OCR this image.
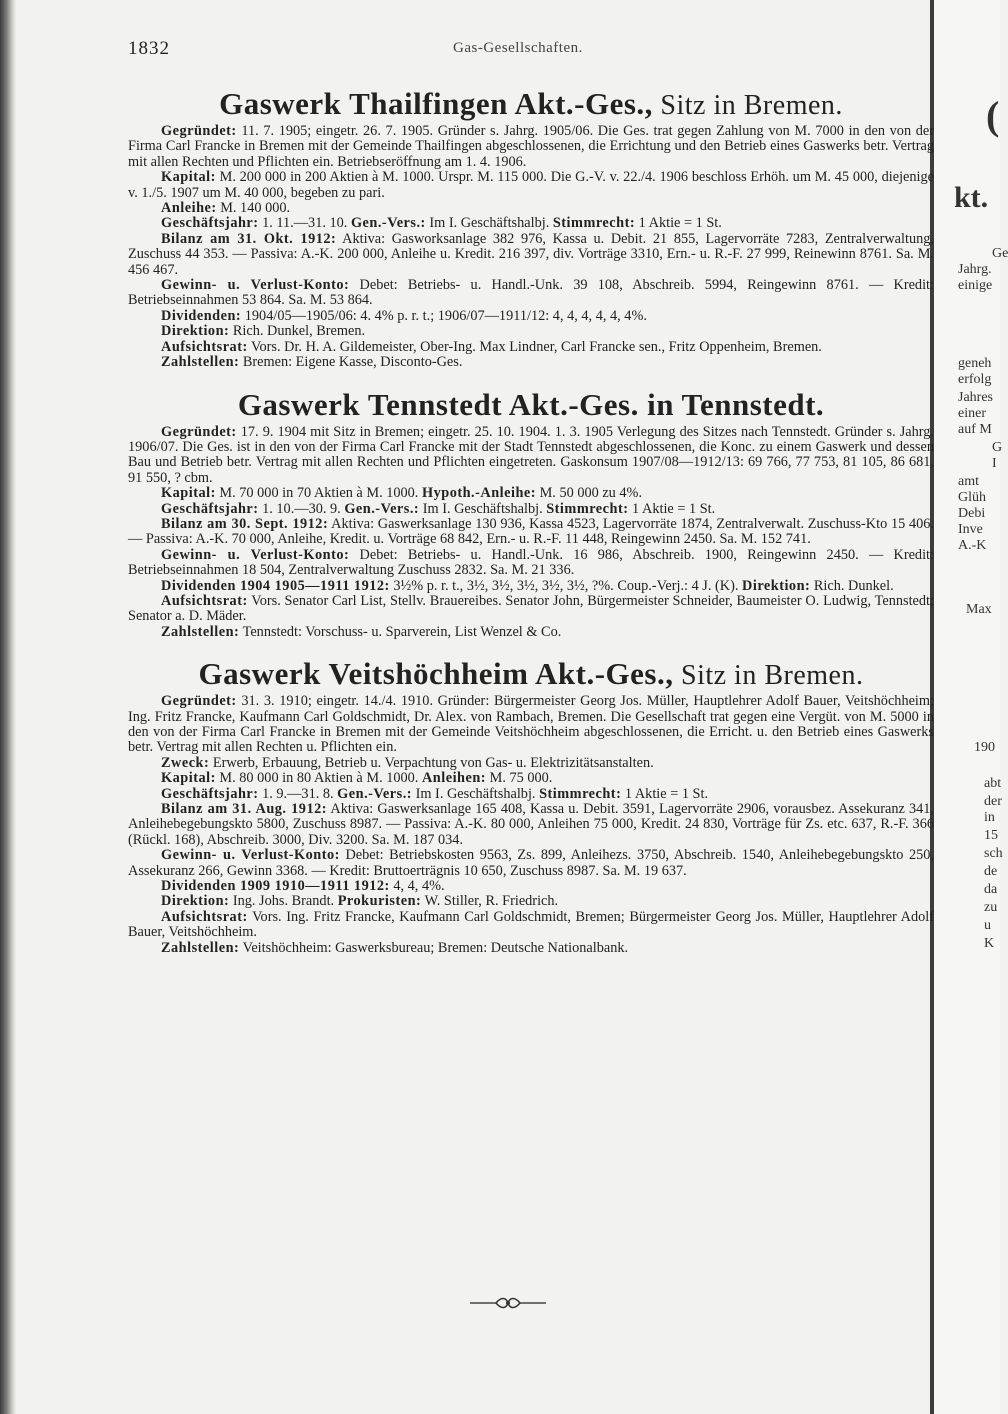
(
kt.
Ge
Jahrg.
einige
geneh
erfolg
Jahres
einer
auf M
G
I
amt
Glüh
Debi
Inve
A.-K
Max
190
abt
der
in
15
sch
de
da
zu
u
K
1832	Gas-Gesellschaften.
Gaswerk Thailfingen Akt.-Ges., Sitz in Bremen.

Gegründet: 11. 7. 1905; eingetr. 26. 7. 1905. Gründer s. Jahrg. 1905/06. Die Ges. trat gegen Zahlung von M. 7000 in den von der Firma Carl Francke in Bremen mit der Gemeinde Thailfingen abgeschlossenen, die Errichtung und den Betrieb eines Gaswerks betr. Vertrag mit allen Rechten und Pflichten ein. Betriebseröffnung am 1. 4. 1906.

Kapital: M. 200 000 in 200 Aktien à M. 1000. Urspr. M. 115 000. Die G.-V. v. 22./4. 1906 beschloss Erhöh. um M. 45 000, diejenige v. 1./5. 1907 um M. 40 000, begeben zu pari.

Anleihe: M. 140 000.

Geschäftsjahr: 1. 11.—31. 10. Gen.-Vers.: Im I. Geschäftshalbj. Stimmrecht: 1 Aktie = 1 St.

Bilanz am 31. Okt. 1912: Aktiva: Gasworksanlage 382 976, Kassa u. Debit. 21 855, Lagervorräte 7283, Zentralverwaltung, Zuschuss 44 353. — Passiva: A.-K. 200 000, Anleihe u. Kredit. 216 397, div. Vorträge 3310, Ern.- u. R.-F. 27 999, Reinewinn 8761. Sa. M. 456 467.

Gewinn- u. Verlust-Konto: Debet: Betriebs- u. Handl.-Unk. 39 108, Abschreib. 5994, Reingewinn 8761. — Kredit: Betriebseinnahmen 53 864. Sa. M. 53 864.

Dividenden: 1904/05—1905/06: 4. 4% p. r. t.; 1906/07—1911/12: 4, 4, 4, 4, 4, 4%.

Direktion: Rich. Dunkel, Bremen.

Aufsichtsrat: Vors. Dr. H. A. Gildemeister, Ober-Ing. Max Lindner, Carl Francke sen., Fritz Oppenheim, Bremen.

Zahlstellen: Bremen: Eigene Kasse, Disconto-Ges.

Gaswerk Tennstedt Akt.-Ges. in Tennstedt.

Gegründet: 17. 9. 1904 mit Sitz in Bremen; eingetr. 25. 10. 1904. 1. 3. 1905 Verlegung des Sitzes nach Tennstedt. Gründer s. Jahrg. 1906/07. Die Ges. ist in den von der Firma Carl Francke mit der Stadt Tennstedt abgeschlossenen, die Konc. zu einem Gaswerk und dessen Bau und Betrieb betr. Vertrag mit allen Rechten und Pflichten eingetreten. Gaskonsum 1907/08—1912/13: 69 766, 77 753, 81 105, 86 681, 91 550, ? cbm.

Kapital: M. 70 000 in 70 Aktien à M. 1000. Hypoth.-Anleihe: M. 50 000 zu 4%.

Geschäftsjahr: 1. 10.—30. 9. Gen.-Vers.: Im I. Geschäftshalbj. Stimmrecht: 1 Aktie = 1 St.

Bilanz am 30. Sept. 1912: Aktiva: Gaswerksanlage 130 936, Kassa 4523, Lagervorräte 1874, Zentralverwalt. Zuschuss-Kto 15 406. — Passiva: A.-K. 70 000, Anleihe, Kredit. u. Vorträge 68 842, Ern.- u. R.-F. 11 448, Reingewinn 2450. Sa. M. 152 741.

Gewinn- u. Verlust-Konto: Debet: Betriebs- u. Handl.-Unk. 16 986, Abschreib. 1900, Reingewinn 2450. — Kredit: Betriebseinnahmen 18 504, Zentralverwaltung Zuschuss 2832. Sa. M. 21 336.

Dividenden 1904 1905—1911 1912: 3½% p. r. t., 3½, 3½, 3½, 3½, 3½, ?%. Coup.-Verj.: 4 J. (K). Direktion: Rich. Dunkel.

Aufsichtsrat: Vors. Senator Carl List, Stellv. Brauereibes. Senator John, Bürgermeister Schneider, Baumeister O. Ludwig, Tennstedt; Senator a. D. Mäder.

Zahlstellen: Tennstedt: Vorschuss- u. Sparverein, List Wenzel & Co.

Gaswerk Veitshöchheim Akt.-Ges., Sitz in Bremen.

Gegründet: 31. 3. 1910; eingetr. 14./4. 1910. Gründer: Bürgermeister Georg Jos. Müller, Hauptlehrer Adolf Bauer, Veitshöchheim; Ing. Fritz Francke, Kaufmann Carl Goldschmidt, Dr. Alex. von Rambach, Bremen. Die Gesellschaft trat gegen eine Vergüt. von M. 5000 in den von der Firma Carl Francke in Bremen mit der Gemeinde Veitshöchheim abgeschlossenen, die Erricht. u. den Betrieb eines Gaswerks betr. Vertrag mit allen Rechten u. Pflichten ein.

Zweck: Erwerb, Erbauung, Betrieb u. Verpachtung von Gas- u. Elektrizitätsanstalten.

Kapital: M. 80 000 in 80 Aktien à M. 1000. Anleihen: M. 75 000.

Geschäftsjahr: 1. 9.—31. 8. Gen.-Vers.: Im I. Geschäftshalbj. Stimmrecht: 1 Aktie = 1 St.

Bilanz am 31. Aug. 1912: Aktiva: Gaswerksanlage 165 408, Kassa u. Debit. 3591, Lagervorräte 2906, vorausbez. Assekuranz 341, Anleihebegebungskto 5800, Zuschuss 8987. — Passiva: A.-K. 80 000, Anleihen 75 000, Kredit. 24 830, Vorträge für Zs. etc. 637, R.-F. 366 (Rückl. 168), Abschreib. 3000, Div. 3200. Sa. M. 187 034.

Gewinn- u. Verlust-Konto: Debet: Betriebskosten 9563, Zs. 899, Anleihezs. 3750, Abschreib. 1540, Anleihebegebungskto 250, Assekuranz 266, Gewinn 3368. — Kredit: Bruttoerträgnis 10 650, Zuschuss 8987. Sa. M. 19 637.

Dividenden 1909 1910—1911 1912: 4, 4, 4%.

Direktion: Ing. Johs. Brandt. Prokuristen: W. Stiller, R. Friedrich.

Aufsichtsrat: Vors. Ing. Fritz Francke, Kaufmann Carl Goldschmidt, Bremen; Bürgermeister Georg Jos. Müller, Hauptlehrer Adolf Bauer, Veitshöchheim.

Zahlstellen: Veitshöchheim: Gaswerksbureau; Bremen: Deutsche Nationalbank.
